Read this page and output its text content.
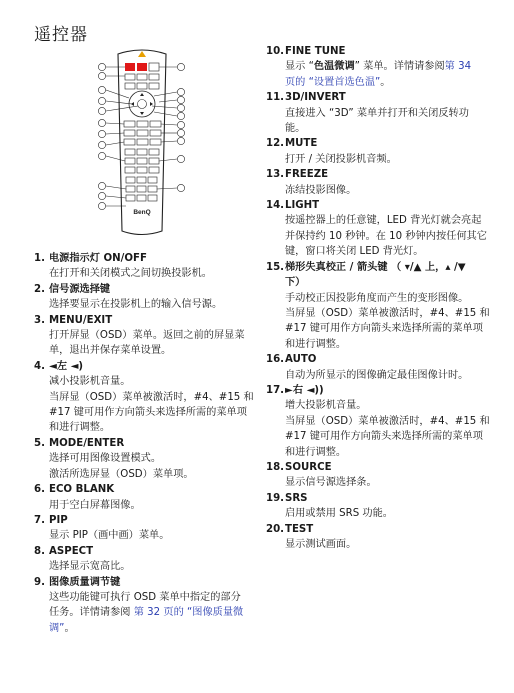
遥控器
BenQ
1. 电源指示灯 ON/OFF
在打开和关闭模式之间切换投影机。
2. 信号源选择键
选择要显示在投影机上的输入信号源。
3. MENU/EXIT
打开屏显（OSD）菜单。返回之前的屏显菜
单，退出并保存菜单设置。
4. ◄左 ◄)
减小投影机音量。
当屏显（OSD）菜单被激活时，#4、#15 和
#17 键可用作方向箭头来选择所需的菜单项
和进行调整。
5. MODE/ENTER
选择可用图像设置模式。
激活所选屏显（OSD）菜单项。
6. ECO BLANK
用于空白屏幕图像。
7. PIP
显示 PIP（画中画）菜单。
8. ASPECT
选择显示宽高比。
9. 图像质量调节键
这些功能键可执行 OSD 菜单中指定的部分
任务。详情请参阅 第 32 页的 “图像质量微
调”。
10.FINE TUNE
显示 “色温微调” 菜单。详情请参阅第 34
页的 “设置首选色温”。
11.3D/INVERT
直接进入 “3D” 菜单并打开和关闭反转功
能。
12.MUTE
打开 / 关闭投影机音频。
13.FREEZE
冻结投影图像。
14.LIGHT
按遥控器上的任意键，LED 背光灯就会亮起
并保持约 10 秒钟。在 10 秒钟内按任何其它
键，窗口将关闭 LED 背光灯。
15.梯形失真校正 / 箭头键 （ ▾/▲ 上，▴ /▼
下）
手动校正因投影角度而产生的变形图像。
当屏显（OSD）菜单被激活时，#4、#15 和
#17 键可用作方向箭头来选择所需的菜单项
和进行调整。
16.AUTO
自动为所显示的图像确定最佳图像计时。
17.►右 ◄))
增大投影机音量。
当屏显（OSD）菜单被激活时，#4、#15 和
#17 键可用作方向箭头来选择所需的菜单项
和进行调整。
18.SOURCE
显示信号源选择条。
19.SRS
启用或禁用 SRS 功能。
20.TEST
显示测试画面。
